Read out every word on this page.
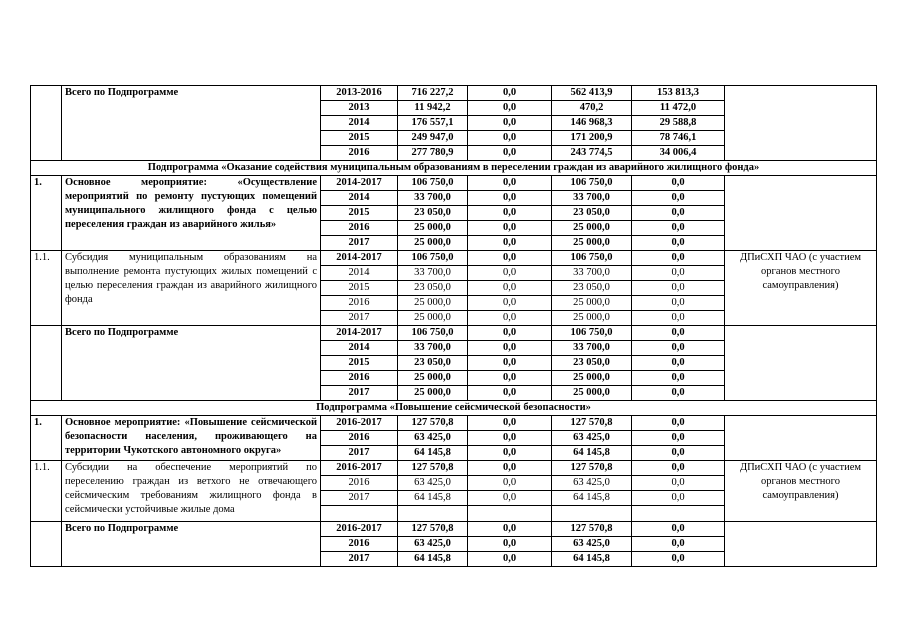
	Всего по Подпрограмме	2013-2016	716 227,2	0,0	562 413,9	153 813,3	
		2013	11 942,2	0,0	470,2	11 472,0	
		2014	176 557,1	0,0	146 968,3	29 588,8	
		2015	249 947,0	0,0	171 200,9	78 746,1	
		2016	277 780,9	0,0	243 774,5	34 006,4	
Подпрограмма «Оказание содействия муниципальным образованиям в переселении граждан из аварийного жилищного фонда»							
1.	Основное мероприятие: «Осуществление мероприятий по ремонту пустующих помещений муниципального жилищного фонда с целью переселения граждан из аварийного жилья»	2014-2017	106 750,0	0,0	106 750,0	0,0	
		2014	33 700,0	0,0	33 700,0	0,0	
		2015	23 050,0	0,0	23 050,0	0,0	
		2016	25 000,0	0,0	25 000,0	0,0	
		2017	25 000,0	0,0	25 000,0	0,0	
1.1.	Субсидия муниципальным образованиям на выполнение ремонта пустующих жилых помещений с целью переселения граждан из аварийного жилищного фонда	2014-2017	106 750,0	0,0	106 750,0	0,0	ДПиСХП ЧАО (с участием органов местного самоуправления)
		2014	33 700,0	0,0	33 700,0	0,0	
		2015	23 050,0	0,0	23 050,0	0,0	
		2016	25 000,0	0,0	25 000,0	0,0	
		2017	25 000,0	0,0	25 000,0	0,0	
	Всего по Подпрограмме	2014-2017	106 750,0	0,0	106 750,0	0,0	
		2014	33 700,0	0,0	33 700,0	0,0	
		2015	23 050,0	0,0	23 050,0	0,0	
		2016	25 000,0	0,0	25 000,0	0,0	
		2017	25 000,0	0,0	25 000,0	0,0	
Подпрограмма «Повышение сейсмической безопасности»							
1.	Основное мероприятие: «Повышение сейсмической безопасности населения, проживающего на территории Чукотского автономного округа»	2016-2017	127 570,8	0,0	127 570,8	0,0	
		2016	63 425,0	0,0	63 425,0	0,0	
		2017	64 145,8	0,0	64 145,8	0,0	
1.1.	Субсидии на обеспечение мероприятий по переселению граждан из ветхого не отвечающего сейсмическим требованиям жилищного фонда в сейсмически устойчивые жилые дома	2016-2017	127 570,8	0,0	127 570,8	0,0	ДПиСХП ЧАО (с участием органов местного самоуправления)
		2016	63 425,0	0,0	63 425,0	0,0	
		2017	64 145,8	0,0	64 145,8	0,0	

	Всего по Подпрограмме	2016-2017	127 570,8	0,0	127 570,8	0,0	
		2016	63 425,0	0,0	63 425,0	0,0	
		2017	64 145,8	0,0	64 145,8	0,0	
